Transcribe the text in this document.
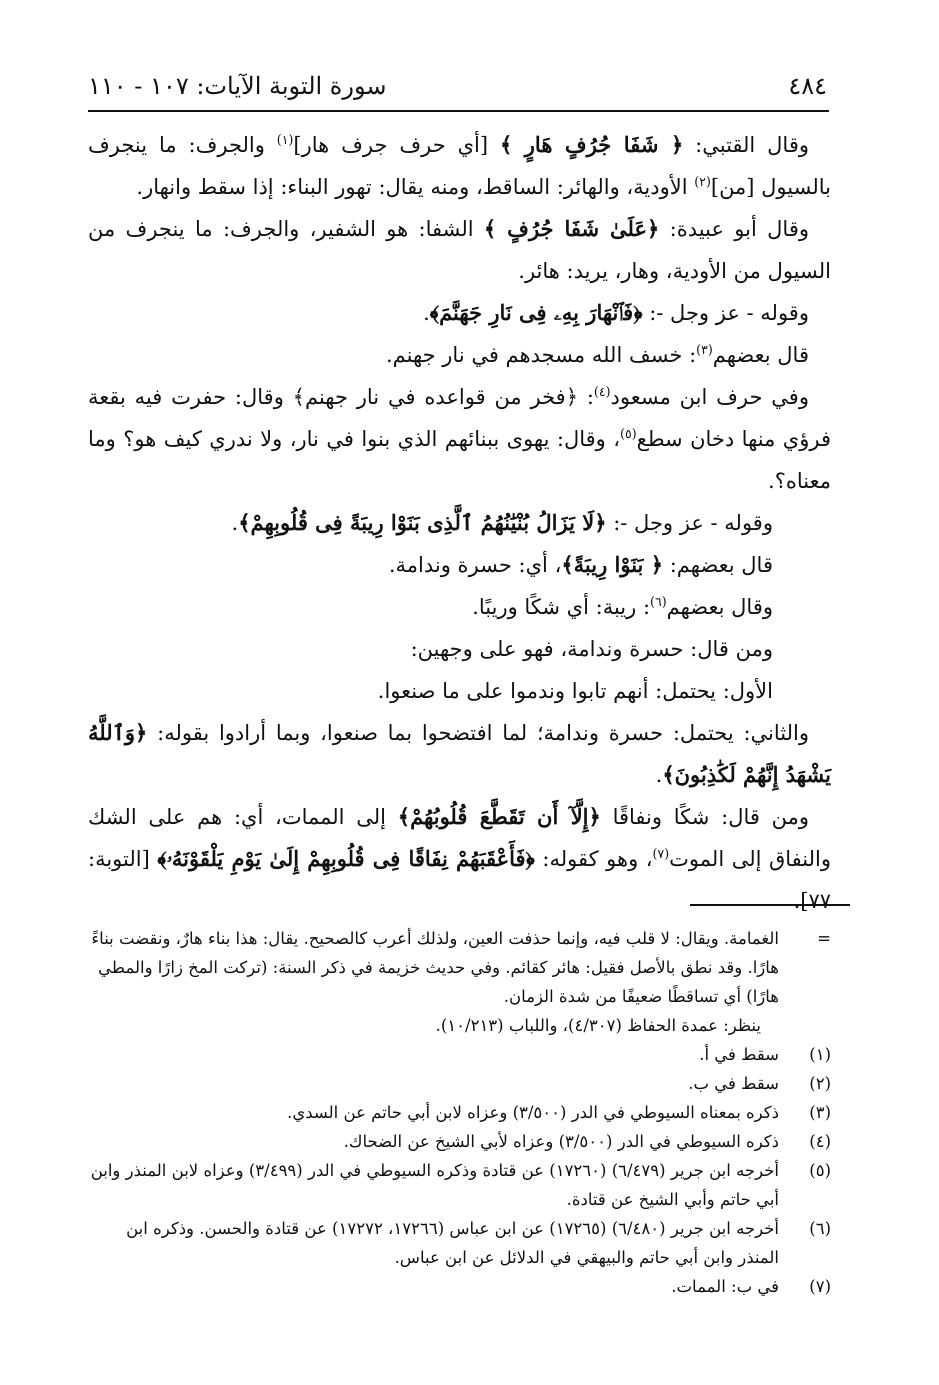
٤٨٤
سورة التوبة الآيات: ١٠٧ - ١١٠

وقال القتبي: ﴿ شَفَا جُرُفٍ هَارٍ ﴾ [أي حرف جرف هار]$^{(١)}$ والجرف: ما ينجرف بالسيول [من]$^{(٢)}$ الأودية، والهائر: الساقط، ومنه يقال: تهور البناء: إذا سقط وانهار.

وقال أبو عبيدة: ﴿عَلَىٰ شَفَا جُرُفٍ ﴾ الشفا: هو الشفير، والجرف: ما ينجرف من السيول من الأودية، وهار، يريد: هائر.

وقوله - عز وجل -: ﴿فَٱنْهَارَ بِهِۦ فِى نَارِ جَهَنَّمَ﴾.

قال بعضهم$^{(٣)}$: خسف الله مسجدهم في نار جهنم.

وفي حرف ابن مسعود$^{(٤)}$: ﴿فخر من قواعده في نار جهنم﴾ وقال: حفرت فيه بقعة فرؤي منها دخان سطع$^{(٥)}$، وقال: يهوى ببنائهم الذي بنوا في نار، ولا ندري كيف هو؟ وما معناه؟.

وقوله - عز وجل -: ﴿لَا يَزَالُ بُنْيَٰنُهُمُ ٱلَّذِى بَنَوْا رِيبَةً فِى قُلُوبِهِمْ﴾.

قال بعضهم: ﴿ بَنَوْا رِيبَةً﴾، أي: حسرة وندامة.

وقال بعضهم$^{(٦)}$: ريبة: أي شكًا وريبًا.

ومن قال: حسرة وندامة، فهو على وجهين:

الأول: يحتمل: أنهم تابوا وندموا على ما صنعوا.

والثاني: يحتمل: حسرة وندامة؛ لما افتضحوا بما صنعوا، وبما أرادوا بقوله: ﴿وَٱللَّهُ يَشْهَدُ إِنَّهُمْ لَكَٰذِبُونَ﴾.

ومن قال: شكًا ونفاقًا ﴿إِلَّآ أَن تَقَطَّعَ قُلُوبُهُمْ﴾ إلى الممات، أي: هم على الشك والنفاق إلى الموت$^{(٧)}$، وهو كقوله: ﴿فَأَعْقَبَهُمْ نِفَاقًا فِى قُلُوبِهِمْ إِلَىٰ يَوْمِ يَلْقَوْنَهُۥ﴾ [التوبة: ٧٧].

=
الغمامة. ويقال: لا قلب فيه، وإنما حذفت العين، ولذلك أعرب كالصحيح. يقال: هذا بناء هارٌ، ونقضت بناءً هارًا. وقد نطق بالأصل فقيل: هائر كقائم. وفي حديث خزيمة في ذكر السنة: (تركت المخ زارًا والمطي هارًا) أي تساقطًا ضعيفًا من شدة الزمان.
ينظر: عمدة الحفاظ (٤/٣٠٧)، واللباب (١٠/٢١٣).
(١)
سقط في أ.
(٢)
سقط في ب.
(٣)
ذكره بمعناه السيوطي في الدر (٣/٥٠٠) وعزاه لابن أبي حاتم عن السدي.
(٤)
ذكره السيوطي في الدر (٣/٥٠٠) وعزاه لأبي الشيخ عن الضحاك.
(٥)
أخرجه ابن جرير (٦/٤٧٩) (١٧٢٦٠) عن قتادة وذكره السيوطي في الدر (٣/٤٩٩) وعزاه لابن المنذر وابن أبي حاتم وأبي الشيخ عن قتادة.
(٦)
أخرجه ابن جرير (٦/٤٨٠) (١٧٢٦٥) عن ابن عباس (١٧٢٦٦، ١٧٢٧٢) عن قتادة والحسن. وذكره ابن المنذر وابن أبي حاتم والبيهقي في الدلائل عن ابن عباس.
(٧)
في ب: الممات.
